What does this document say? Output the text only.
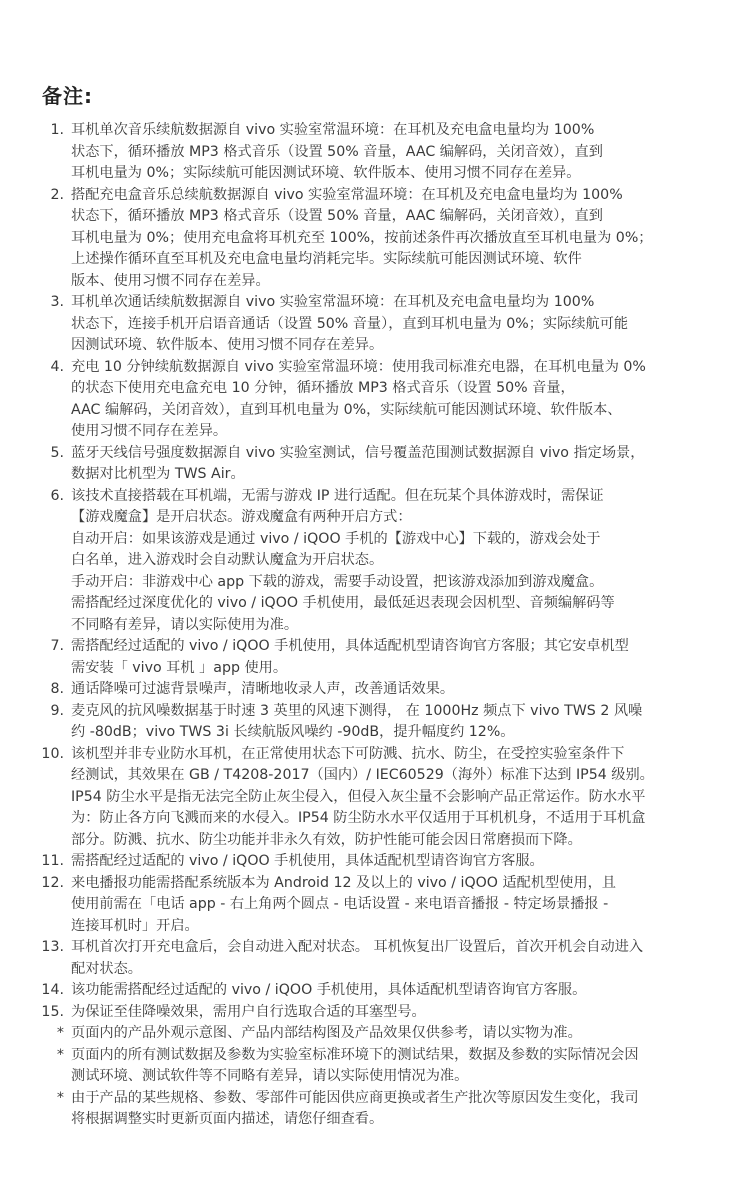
备注:
1. 耳机单次音乐续航数据源自 vivo 实验室常温环境：在耳机及充电盒电量均为 100%
状态下，循环播放 MP3 格式音乐（设置 50% 音量，AAC 编解码，关闭音效），直到
耳机电量为 0%；实际续航可能因测试环境、软件版本、使用习惯不同存在差异。
2. 搭配充电盒音乐总续航数据源自 vivo 实验室常温环境：在耳机及充电盒电量均为 100%
状态下，循环播放 MP3 格式音乐（设置 50% 音量，AAC 编解码，关闭音效），直到
耳机电量为 0%；使用充电盒将耳机充至 100%，按前述条件再次播放直至耳机电量为 0%；
上述操作循环直至耳机及充电盒电量均消耗完毕。实际续航可能因测试环境、软件
版本、使用习惯不同存在差异。
3. 耳机单次通话续航数据源自 vivo 实验室常温环境：在耳机及充电盒电量均为 100%
状态下，连接手机开启语音通话（设置 50% 音量），直到耳机电量为 0%；实际续航可能
因测试环境、软件版本、使用习惯不同存在差异。
4. 充电 10 分钟续航数据源自 vivo 实验室常温环境：使用我司标准充电器，在耳机电量为 0%
的状态下使用充电盒充电 10 分钟，循环播放 MP3 格式音乐（设置 50% 音量，
AAC 编解码，关闭音效），直到耳机电量为 0%，实际续航可能因测试环境、软件版本、
使用习惯不同存在差异。
5. 蓝牙天线信号强度数据源自 vivo 实验室测试，信号覆盖范围测试数据源自 vivo 指定场景，
数据对比机型为 TWS Air。
6. 该技术直接搭载在耳机端，无需与游戏 IP 进行适配。但在玩某个具体游戏时，需保证
【游戏魔盒】是开启状态。游戏魔盒有两种开启方式：
自动开启：如果该游戏是通过 vivo / iQOO 手机的【游戏中心】下载的，游戏会处于
白名单，进入游戏时会自动默认魔盒为开启状态。
手动开启：非游戏中心 app 下载的游戏，需要手动设置，把该游戏添加到游戏魔盒。
需搭配经过深度优化的 vivo / iQOO 手机使用，最低延迟表现会因机型、音频编解码等
不同略有差异，请以实际使用为准。
7. 需搭配经过适配的 vivo / iQOO 手机使用，具体适配机型请咨询官方客服；其它安卓机型
需安装「 vivo 耳机 」app 使用。
8. 通话降噪可过滤背景噪声，清晰地收录人声，改善通话效果。
9. 麦克风的抗风噪数据基于时速 3 英里的风速下测得， 在 1000Hz 频点下 vivo TWS 2 风噪
约 -80dB；vivo TWS 3i 长续航版风噪约 -90dB，提升幅度约 12%。
10. 该机型并非专业防水耳机，在正常使用状态下可防溅、抗水、防尘，在受控实验室条件下
经测试，其效果在 GB / T4208-2017（国内）/ IEC60529（海外）标准下达到 IP54 级别。
IP54 防尘水平是指无法完全防止灰尘侵入，但侵入灰尘量不会影响产品正常运作。防水水平
为：防止各方向飞溅而来的水侵入。IP54 防尘防水水平仅适用于耳机机身，不适用于耳机盒
部分。防溅、抗水、防尘功能并非永久有效，防护性能可能会因日常磨损而下降。
11. 需搭配经过适配的 vivo / iQOO 手机使用，具体适配机型请咨询官方客服。
12. 来电播报功能需搭配系统版本为 Android 12 及以上的 vivo / iQOO 适配机型使用，且
使用前需在「电话 app - 右上角两个圆点 - 电话设置 - 来电语音播报 - 特定场景播报 -
连接耳机时」开启。
13. 耳机首次打开充电盒后，会自动进入配对状态。 耳机恢复出厂设置后，首次开机会自动进入
配对状态。
14. 该功能需搭配经过适配的 vivo / iQOO 手机使用，具体适配机型请咨询官方客服。
15. 为保证至佳降噪效果，需用户自行选取合适的耳塞型号。
* 页面内的产品外观示意图、产品内部结构图及产品效果仅供参考，请以实物为准。
* 页面内的所有测试数据及参数为实验室标准环境下的测试结果，数据及参数的实际情况会因
测试环境、测试软件等不同略有差异，请以实际使用情况为准。
* 由于产品的某些规格、参数、零部件可能因供应商更换或者生产批次等原因发生变化，我司
将根据调整实时更新页面内描述，请您仔细查看。
